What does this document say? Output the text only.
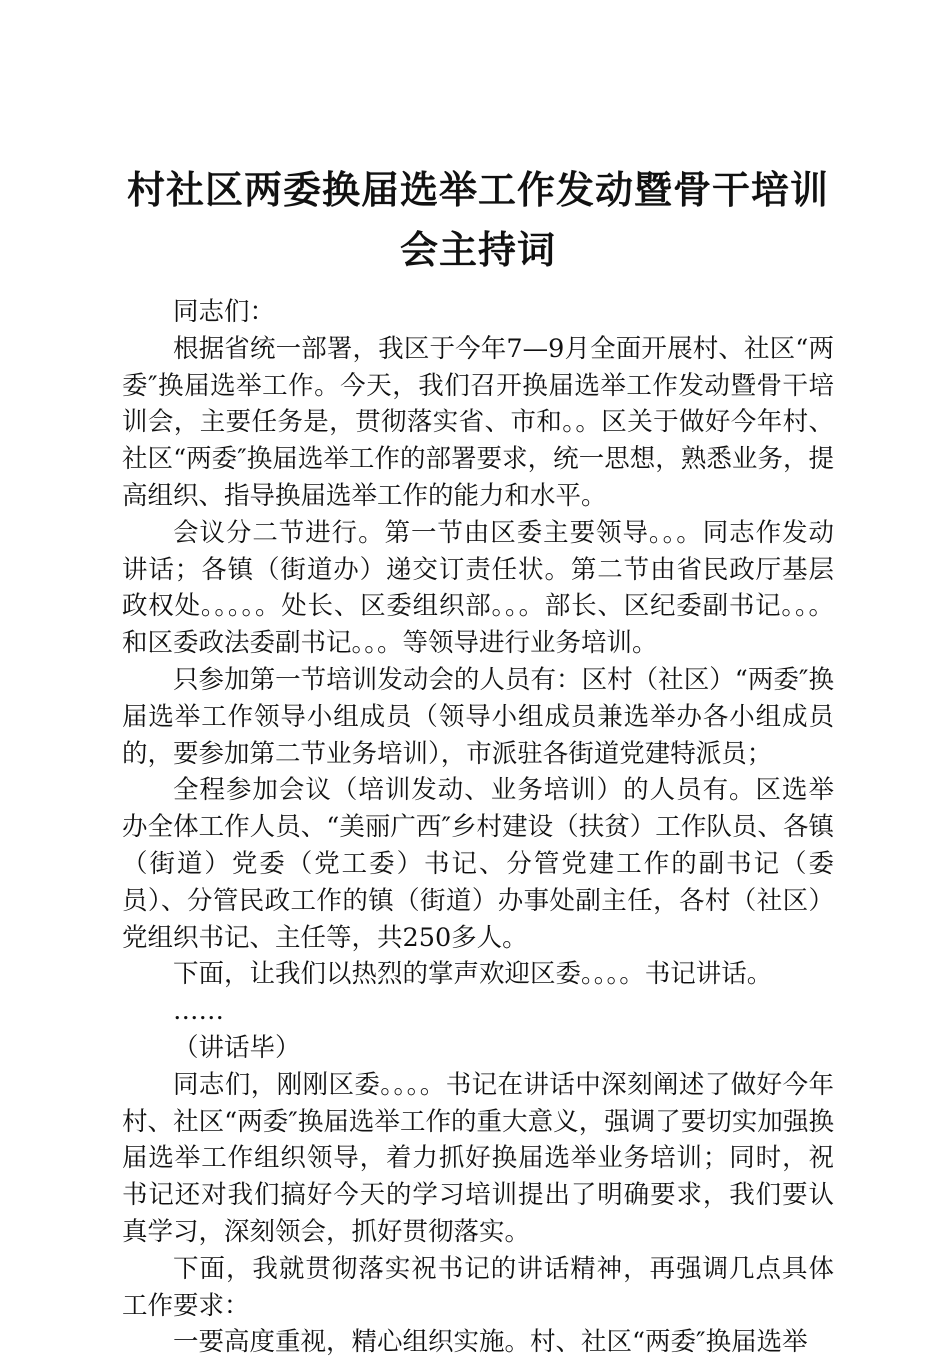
村社区两委换届选举工作发动暨骨干培训会主持词

同志们：

根据省统一部署，我区于今年7—9月全面开展村、社区“两委″换届选举工作。今天，我们召开换届选举工作发动暨骨干培训会，主要任务是，贯彻落实省、市和。。区关于做好今年村、社区“两委″换届选举工作的部署要求，统一思想，熟悉业务，提高组织、指导换届选举工作的能力和水平。

会议分二节进行。第一节由区委主要领导。。。同志作发动讲话；各镇（街道办）递交订责任状。第二节由省民政厅基层政权处。。。。。处长、区委组织部。。。部长、区纪委副书记。。。和区委政法委副书记。。。等领导进行业务培训。

只参加第一节培训发动会的人员有：区村（社区）“两委″换届选举工作领导小组成员（领导小组成员兼选举办各小组成员的，要参加第二节业务培训），市派驻各街道党建特派员；

全程参加会议（培训发动、业务培训）的人员有。区选举办全体工作人员、“美丽广西″乡村建设（扶贫）工作队员、各镇（街道）党委（党工委）书记、分管党建工作的副书记（委员）、分管民政工作的镇（街道）办事处副主任，各村（社区）党组织书记、主任等，共250多人。

下面，让我们以热烈的掌声欢迎区委。。。。书记讲话。

……

（讲话毕）

同志们，刚刚区委。。。。书记在讲话中深刻阐述了做好今年村、社区“两委″换届选举工作的重大意义，强调了要切实加强换届选举工作组织领导，着力抓好换届选举业务培训；同时，祝书记还对我们搞好今天的学习培训提出了明确要求，我们要认真学习，深刻领会，抓好贯彻落实。

下面，我就贯彻落实祝书记的讲话精神，再强调几点具体工作要求：

一要高度重视，精心组织实施。村、社区“两委″换届选举
